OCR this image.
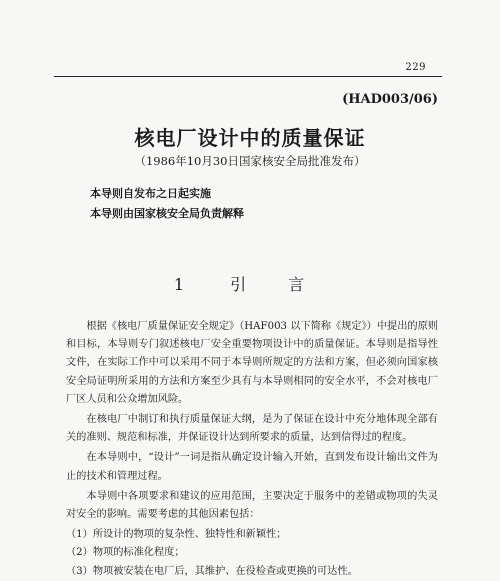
229
(HAD003/06)
核电厂设计中的质量保证
（1986年10月30日国家核安全局批准发布）
本导则自发布之日起实施
本导则由国家核安全局负责解释
1	引	言

根据《核电厂质量保证安全规定》（HAF003 以下简称《规定》）中提出的原则和目标，本导则专门叙述核电厂安全重要物项设计中的质量保证。本导则是指导性文件，在实际工作中可以采用不同于本导则所规定的方法和方案，但必须向国家核安全局证明所采用的方法和方案至少具有与本导则相同的安全水平，不会对核电厂厂区人员和公众增加风险。

在核电厂中制订和执行质量保证大纲，是为了保证在设计中充分地体现全部有关的准则、规范和标准，并保证设计达到所要求的质量，达到信得过的程度。

在本导则中，“设计”一词是指从确定设计输入开始，直到发布设计输出文件为止的技术和管理过程。

本导则中各项要求和建议的应用范围，主要决定于服务中的差错或物项的失灵对安全的影响。需要考虑的其他因素包括：

（1）所设计的物项的复杂性、独特性和新颖性；

（2）物项的标准化程度；

（3）物项被安装在电厂后，其维护、在役检查或更换的可达性。
